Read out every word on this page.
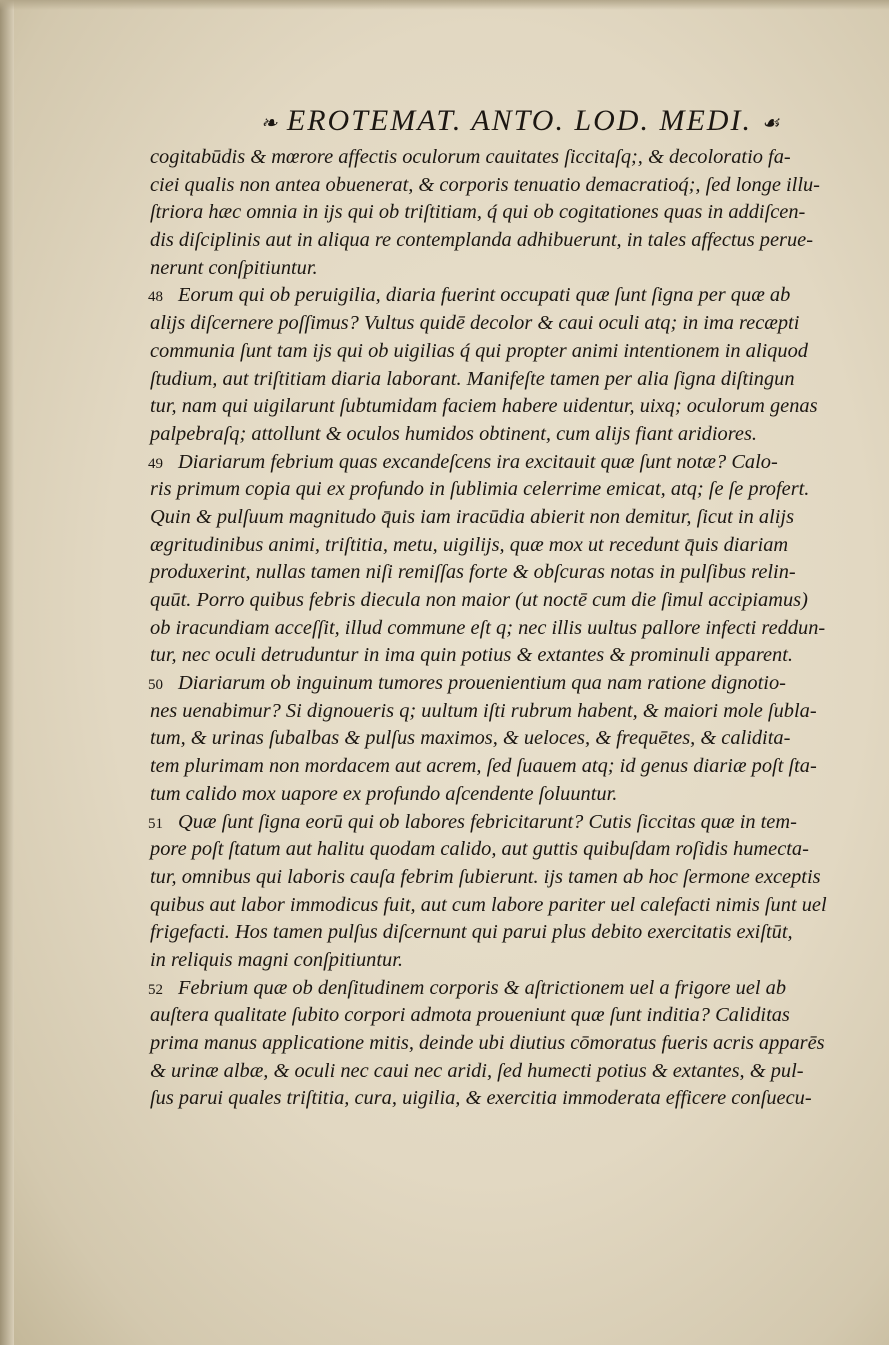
❧ EROTEMAT. ANTO. LOD. MEDI. ☙
cogitabūdis & mœrore affectis oculorum cauitates ſiccitaſq;, & decoloratio fa-
ciei qualis non antea obuenerat, & corporis tenuatio demacratioq́;, ſed longe illu-
ſtriora hæc omnia in ijs qui ob triſtitiam, q́ qui ob cogitationes quas in addiſcen-
dis diſciplinis aut in aliqua re contemplanda adhibuerunt, in tales affectus perue-
nerunt conſpitiuntur.
48 Eorum qui ob peruigilia, diaria fuerint occupati quæ ſunt ſigna per quæ ab
alijs diſcernere poſſimus? Vultus quidē decolor & caui oculi atq; in ima recæpti
communia ſunt tam ijs qui ob uigilias q́ qui propter animi intentionem in aliquod
ſtudium, aut triſtitiam diaria laborant. Manifeſte tamen per alia ſigna diſtingun
tur, nam qui uigilarunt ſubtumidam faciem habere uidentur, uixq; oculorum genas
palpebraſq; attollunt & oculos humidos obtinent, cum alijs fiant aridiores.
49 Diariarum febrium quas excandeſcens ira excitauit quæ ſunt notæ? Calo-
ris primum copia qui ex profundo in ſublimia celerrime emicat, atq; ſe ſe profert.
Quin & pulſuum magnitudo q̄uis iam iracūdia abierit non demitur, ſicut in alijs
ægritudinibus animi, triſtitia, metu, uigilijs, quæ mox ut recedunt q̄uis diariam
produxerint, nullas tamen niſi remiſſas forte & obſcuras notas in pulſibus relin-
quūt. Porro quibus febris diecula non maior (ut noctē cum die ſimul accipiamus)
ob iracundiam acceſſit, illud commune eſt q; nec illis uultus pallore infecti reddun-
tur, nec oculi detruduntur in ima quin potius & extantes & prominuli apparent.
50 Diariarum ob inguinum tumores prouenientium qua nam ratione dignotio-
nes uenabimur? Si dignoueris q; uultum iſti rubrum habent, & maiori mole ſubla-
tum, & urinas ſubalbas & pulſus maximos, & ueloces, & frequētes, & calidita-
tem plurimam non mordacem aut acrem, ſed ſuauem atq; id genus diariæ poſt ſta-
tum calido mox uapore ex profundo aſcendente ſoluuntur.
51 Quæ ſunt ſigna eorū qui ob labores febricitarunt? Cutis ſiccitas quæ in tem-
pore poſt ſtatum aut halitu quodam calido, aut guttis quibuſdam roſidis humecta-
tur, omnibus qui laboris cauſa febrim ſubierunt. ijs tamen ab hoc ſermone exceptis
quibus aut labor immodicus fuit, aut cum labore pariter uel calefacti nimis ſunt uel
frigefacti. Hos tamen pulſus diſcernunt qui parui plus debito exercitatis exiſtūt,
in reliquis magni conſpitiuntur.
52 Febrium quæ ob denſitudinem corporis & aſtrictionem uel a frigore uel ab
auſtera qualitate ſubito corpori admota proueniunt quæ ſunt inditia? Caliditas
prima manus applicatione mitis, deinde ubi diutius cōmoratus fueris acris apparēs
& urinæ albæ, & oculi nec caui nec aridi, ſed humecti potius & extantes, & pul-
ſus parui quales triſtitia, cura, uigilia, & exercitia immoderata efficere conſuecu-
